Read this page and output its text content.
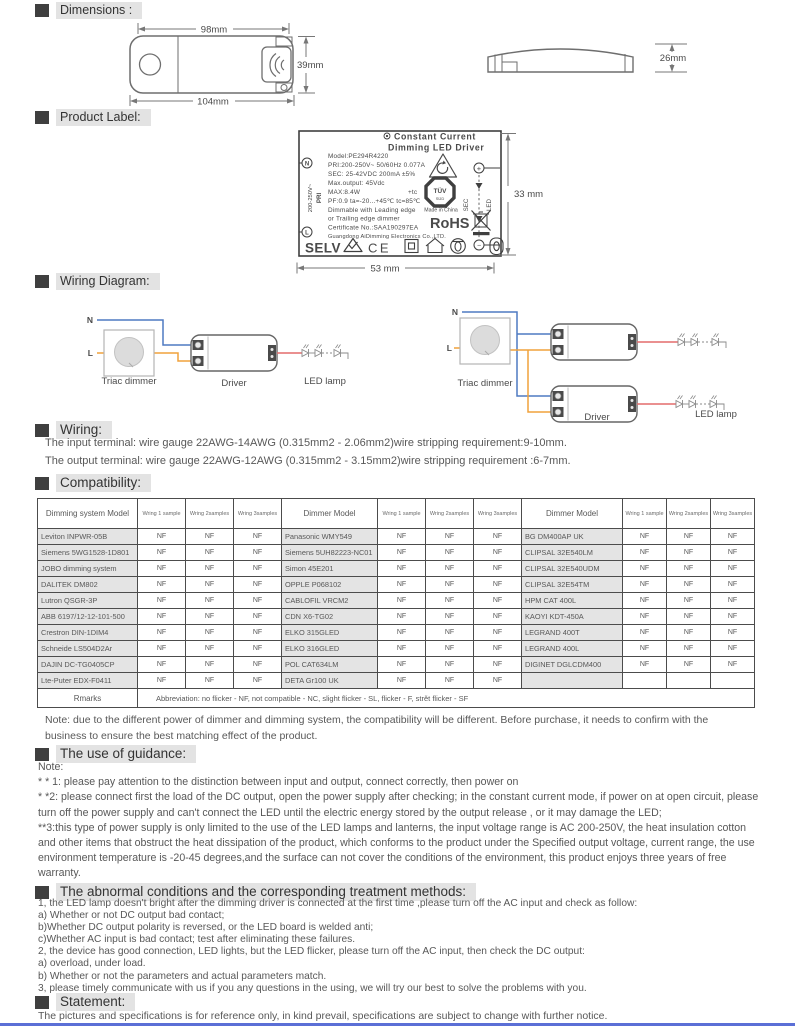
Dimensions :
Product Label:
Wiring Diagram:
Wiring:
Compatibility:
The use of guidance:
The abnormal conditions and the corresponding treatment methods:
Statement:
98mm
104mm
39mm
26mm
Constant Current
Dimming LED Driver
Model:PE294R4220
PRI:200-250V~ 50/60Hz 0.077A
SEC: 25-42VDC 200mA ±5%
Max.output: 45Vdc
MAX:8.4W	+tc
PF:0.9 ta=-20...+45℃ tc=85℃
Dimmable with Leading edge
or Trailing edge dimmer
Certificate No.:SAA190297EA
Guangdong AiDimming Electronics Co.,LTD.
N
L
200-250V~ PRI
TÜV
SÜD
Made in China
RoHS
+
−
SEC	LED
SELV CE
33 mm
53 mm
N
L
Triac dimmer	Driver	LED lamp
N
L
Triac dimmer
Driver	LED lamp
The input terminal: wire gauge 22AWG-14AWG (0.315mm2 - 2.06mm2)wire stripping requirement:9-10mm.
The output terminal: wire gauge 22AWG-12AWG (0.315mm2 - 3.15mm2)wire stripping requirement :6-7mm.
Dimming system Model	Wring 1 sample	Wring 2samples	Wring 3samples	Dimmer Model	Wring 1 sample	Wring 2samples	Wring 3samples	Dimmer Model	Wring 1 sample	Wring 2samples	Wring 3samples
Leviton INPWR-05B	NF	NF	NF	Panasonic WMY549	NF	NF	NF	BG DM400AP UK	NF	NF	NF
Siemens 5WG1528-1D801	NF	NF	NF	Siemens 5UH82223-NC01	NF	NF	NF	CLIPSAL 32E540LM	NF	NF	NF
JOBO dimming system	NF	NF	NF	Simon 45E201	NF	NF	NF	CLIPSAL 32E540UDM	NF	NF	NF
DALITEK DM802	NF	NF	NF	OPPLE P068102	NF	NF	NF	CLIPSAL 32E54TM	NF	NF	NF
Lutron QSGR-3P	NF	NF	NF	CABLOFIL VRCM2	NF	NF	NF	HPM CAT 400L	NF	NF	NF
ABB 6197/12-12-101-500	NF	NF	NF	CDN X6-TG02	NF	NF	NF	KAOYI KDT-450A	NF	NF	NF
Crestron DIN-1DIM4	NF	NF	NF	ELKO 315GLED	NF	NF	NF	LEGRAND 400T	NF	NF	NF
Schneide LS504D2Ar	NF	NF	NF	ELKO 316GLED	NF	NF	NF	LEGRAND 400L	NF	NF	NF
DAJIN DC-TG0405CP	NF	NF	NF	POL CAT634LM	NF	NF	NF	DIGINET DGLCDM400	NF	NF	NF
Lte-Puter EDX-F0411	NF	NF	NF	DETA Gr100 UK	NF	NF	NF				
Rmarks	Abbreviation: no flicker - NF, not compatible - NC, slight flicker - SL, flicker - F, strět flicker - SF										
Note: due to the different power of dimmer and dimming system, the compatibility will be different. Before purchase, it needs to confirm with the business to ensure the best matching effect of the product.

Note:

* * 1: please pay attention to the distinction between input and output, connect correctly, then power on

* *2: please connect first the load of the DC output, open the power supply after checking; in the constant current mode, if power on at open circuit, please turn off the power supply and can't connect the LED until the electric energy stored by the output release , or it may damage the LED;

**3:this type of power supply is only limited to the use of the LED lamps and lanterns, the input voltage range is AC 200-250V, the heat insulation cotton and other items that obstruct the heat dissipation of the product, which conforms to the product under the Specified output voltage, current range, the use environment temperature is -20-45 degrees,and the surface can not cover the conditions of the environment, this product enjoys three years of free warranty.

1, the LED lamp doesn't bright after the dimming driver is connected at the first time ,please turn off the AC input and check as follow:

a) Whether or not DC output bad contact;

b)Whether DC output polarity is reversed, or the LED board is welded anti;

c)Whether AC input is bad contact; test after eliminating these failures.

2, the device has good connection, LED lights, but the LED flicker, please turn off the AC input, then check the DC output:

a) overload, under load.

b) Whether or not the parameters and actual parameters match.

3, please timely communicate with us if you any questions in the using, we will try our best to solve the problems with you.

The pictures and specifications is for reference only, in kind prevail, specifications are subject to change with further notice.
